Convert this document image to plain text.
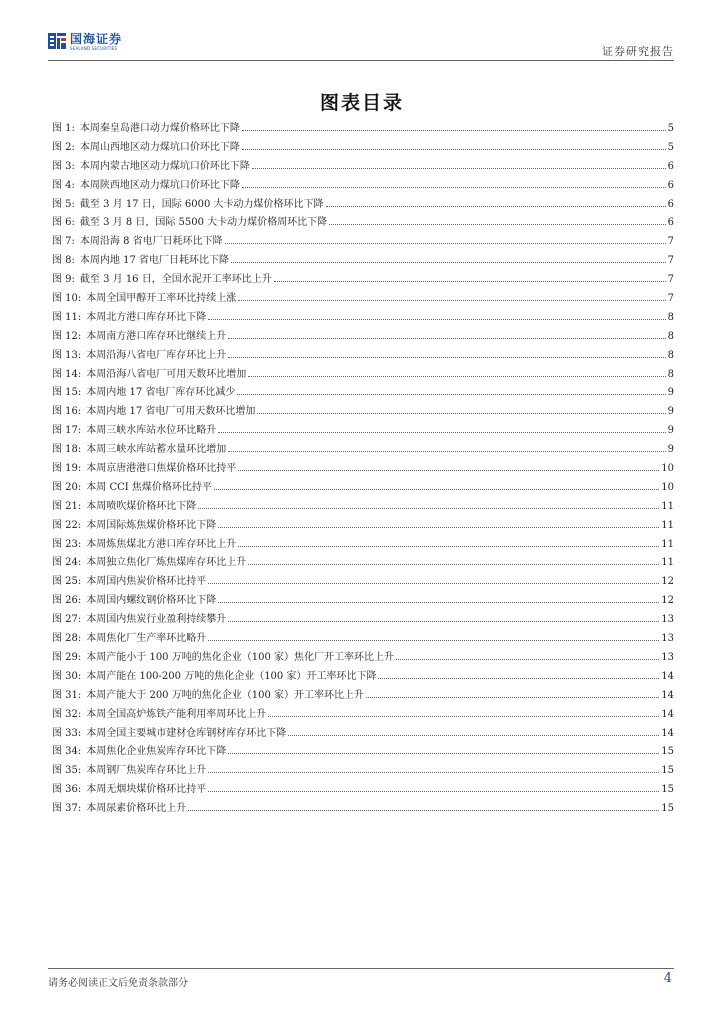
国海证券
SEALAND SECURITIES	证券研究报告
图表目录
图 1: 本周秦皇岛港口动力煤价格环比下降	5
图 2: 本周山西地区动力煤坑口价环比下降	5
图 3: 本周内蒙古地区动力煤坑口价环比下降	6
图 4: 本周陕西地区动力煤坑口价环比下降	6
图 5: 截至 3 月 17 日，国际 6000 大卡动力煤价格环比下降	6
图 6: 截至 3 月 8 日，国际 5500 大卡动力煤价格周环比下降	6
图 7: 本周沿海 8 省电厂日耗环比下降	7
图 8: 本周内地 17 省电厂日耗环比下降	7
图 9: 截至 3 月 16 日，全国水泥开工率环比上升	7
图 10: 本周全国甲醇开工率环比持续上涨	7
图 11: 本周北方港口库存环比下降	8
图 12: 本周南方港口库存环比继续上升	8
图 13: 本周沿海八省电厂库存环比上升	8
图 14: 本周沿海八省电厂可用天数环比增加	8
图 15: 本周内地 17 省电厂库存环比减少	9
图 16: 本周内地 17 省电厂可用天数环比增加	9
图 17: 本周三峡水库站水位环比略升	9
图 18: 本周三峡水库站蓄水量环比增加	9
图 19: 本周京唐港港口焦煤价格环比持平	10
图 20: 本周 CCI 焦煤价格环比持平	10
图 21: 本周喷吹煤价格环比下降	11
图 22: 本周国际炼焦煤价格环比下降	11
图 23: 本周炼焦煤北方港口库存环比上升	11
图 24: 本周独立焦化厂炼焦煤库存环比上升	11
图 25: 本周国内焦炭价格环比持平	12
图 26: 本周国内螺纹钢价格环比下降	12
图 27: 本周国内焦炭行业盈利持续攀升	13
图 28: 本周焦化厂生产率环比略升	13
图 29: 本周产能小于 100 万吨的焦化企业（100 家）焦化厂开工率环比上升	13
图 30: 本周产能在 100-200 万吨的焦化企业（100 家）开工率环比下降	14
图 31: 本周产能大于 200 万吨的焦化企业（100 家）开工率环比上升	14
图 32: 本周全国高炉炼铁产能利用率周环比上升	14
图 33: 本周全国主要城市建材仓库钢材库存环比下降	14
图 34: 本周焦化企业焦炭库存环比下降	15
图 35: 本周钢厂焦炭库存环比上升	15
图 36: 本周无烟块煤价格环比持平	15
图 37: 本周尿素价格环比上升	15
请务必阅读正文后免责条款部分	4
